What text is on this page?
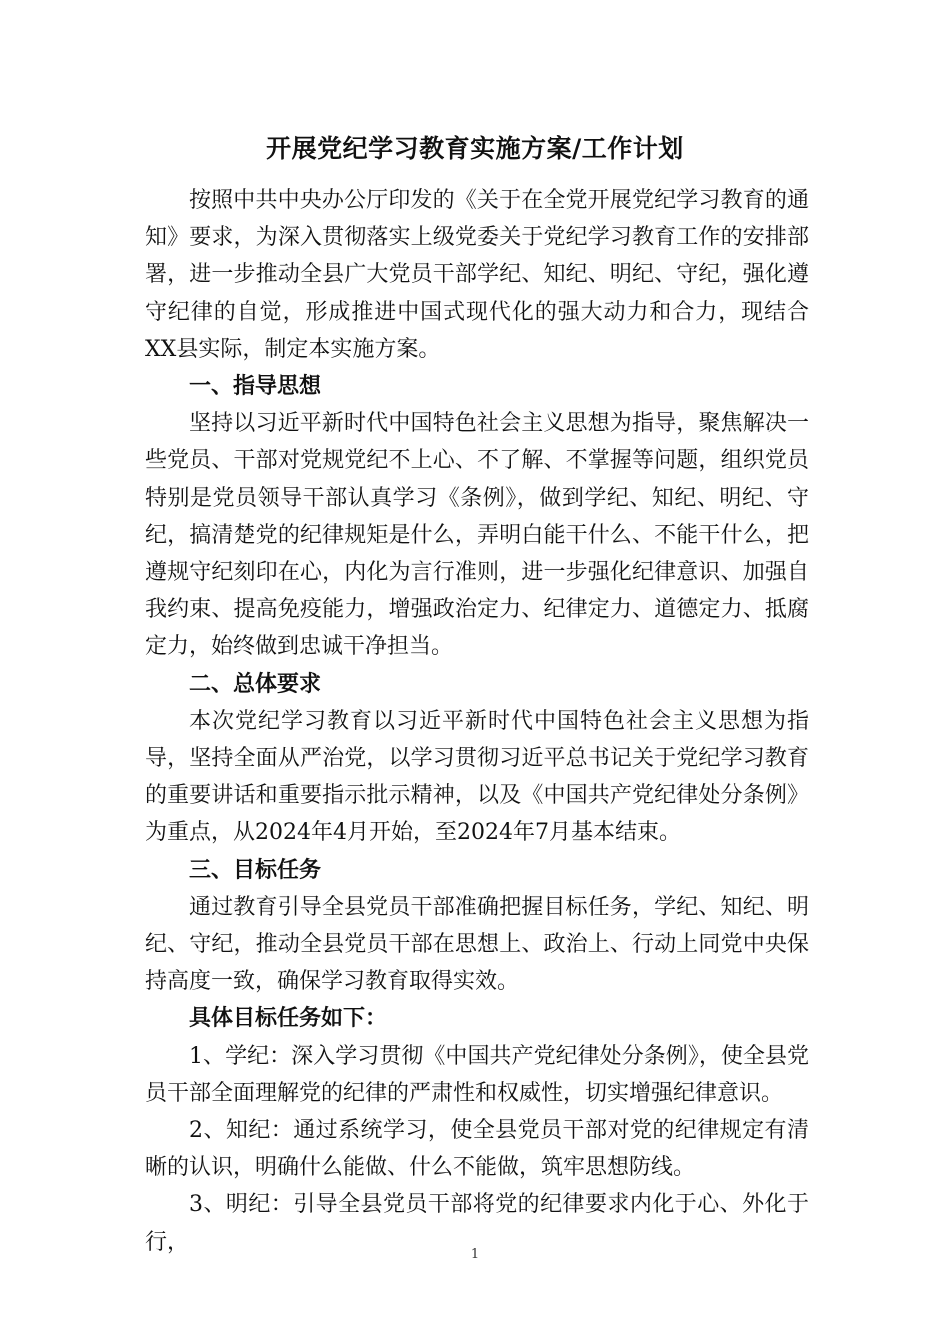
开展党纪学习教育实施方案/工作计划

按照中共中央办公厅印发的《关于在全党开展党纪学习教育的通知》要求，为深入贯彻落实上级党委关于党纪学习教育工作的安排部署，进一步推动全县广大党员干部学纪、知纪、明纪、守纪，强化遵守纪律的自觉，形成推进中国式现代化的强大动力和合力，现结合XX县实际，制定本实施方案。

一、指导思想

坚持以习近平新时代中国特色社会主义思想为指导，聚焦解决一些党员、干部对党规党纪不上心、不了解、不掌握等问题，组织党员特别是党员领导干部认真学习《条例》，做到学纪、知纪、明纪、守纪，搞清楚党的纪律规矩是什么，弄明白能干什么、不能干什么，把遵规守纪刻印在心，内化为言行准则，进一步强化纪律意识、加强自我约束、提高免疫能力，增强政治定力、纪律定力、道德定力、抵腐定力，始终做到忠诚干净担当。

二、总体要求

本次党纪学习教育以习近平新时代中国特色社会主义思想为指导，坚持全面从严治党，以学习贯彻习近平总书记关于党纪学习教育的重要讲话和重要指示批示精神，以及《中国共产党纪律处分条例》为重点，从2024年4月开始，至2024年7月基本结束。

三、目标任务

通过教育引导全县党员干部准确把握目标任务，学纪、知纪、明纪、守纪，推动全县党员干部在思想上、政治上、行动上同党中央保持高度一致，确保学习教育取得实效。

具体目标任务如下：

1、学纪：深入学习贯彻《中国共产党纪律处分条例》，使全县党员干部全面理解党的纪律的严肃性和权威性，切实增强纪律意识。

2、知纪：通过系统学习，使全县党员干部对党的纪律规定有清晰的认识，明确什么能做、什么不能做，筑牢思想防线。

3、明纪：引导全县党员干部将党的纪律要求内化于心、外化于行，	1
